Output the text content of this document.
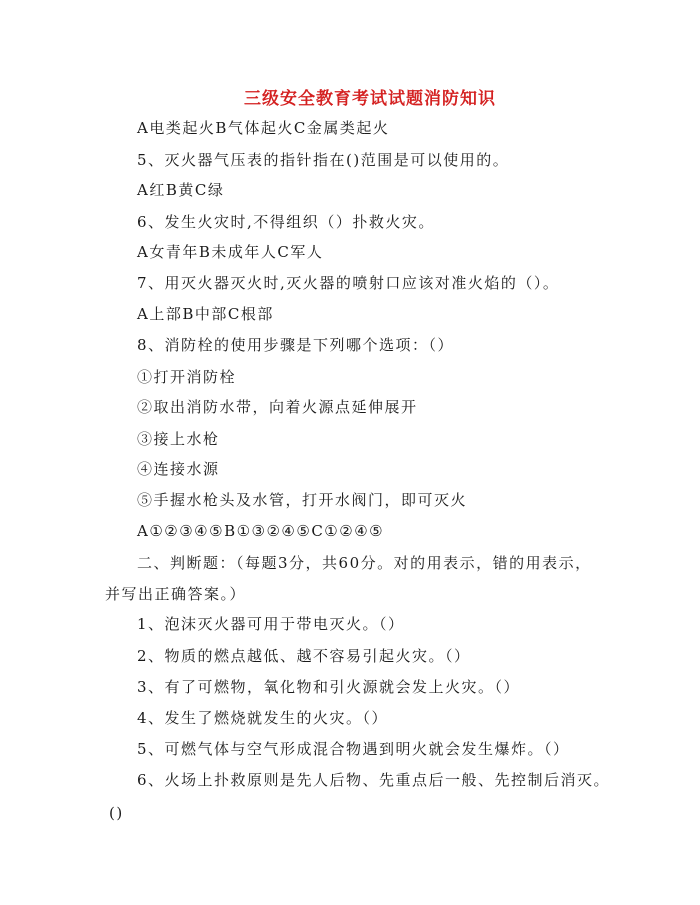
三级安全教育考试试题消防知识
A电类起火B气体起火C金属类起火
5、灭火器气压表的指针指在()范围是可以使用的。
A红B黄C绿
6、发生火灾时,不得组织（）扑救火灾。
A女青年B未成年人C军人
7、用灭火器灭火时,灭火器的喷射口应该对准火焰的（）。
A上部B中部C根部
8、消防栓的使用步骤是下列哪个选项：（）
①打开消防栓
②取出消防水带，向着火源点延伸展开
③接上水枪
④连接水源
⑤手握水枪头及水管，打开水阀门，即可灭火
A①②③④⑤B①③②④⑤C①②④⑤
二、判断题：（每题3分，共60分。对的用表示，错的用表示，并写出正确答案。）
1、泡沫灭火器可用于带电灭火。（）
2、物质的燃点越低、越不容易引起火灾。（）
3、有了可燃物，氧化物和引火源就会发上火灾。（）
4、发生了燃烧就发生的火灾。（）
5、可燃气体与空气形成混合物遇到明火就会发生爆炸。（）
6、火场上扑救原则是先人后物、先重点后一般、先控制后消灭。
()
